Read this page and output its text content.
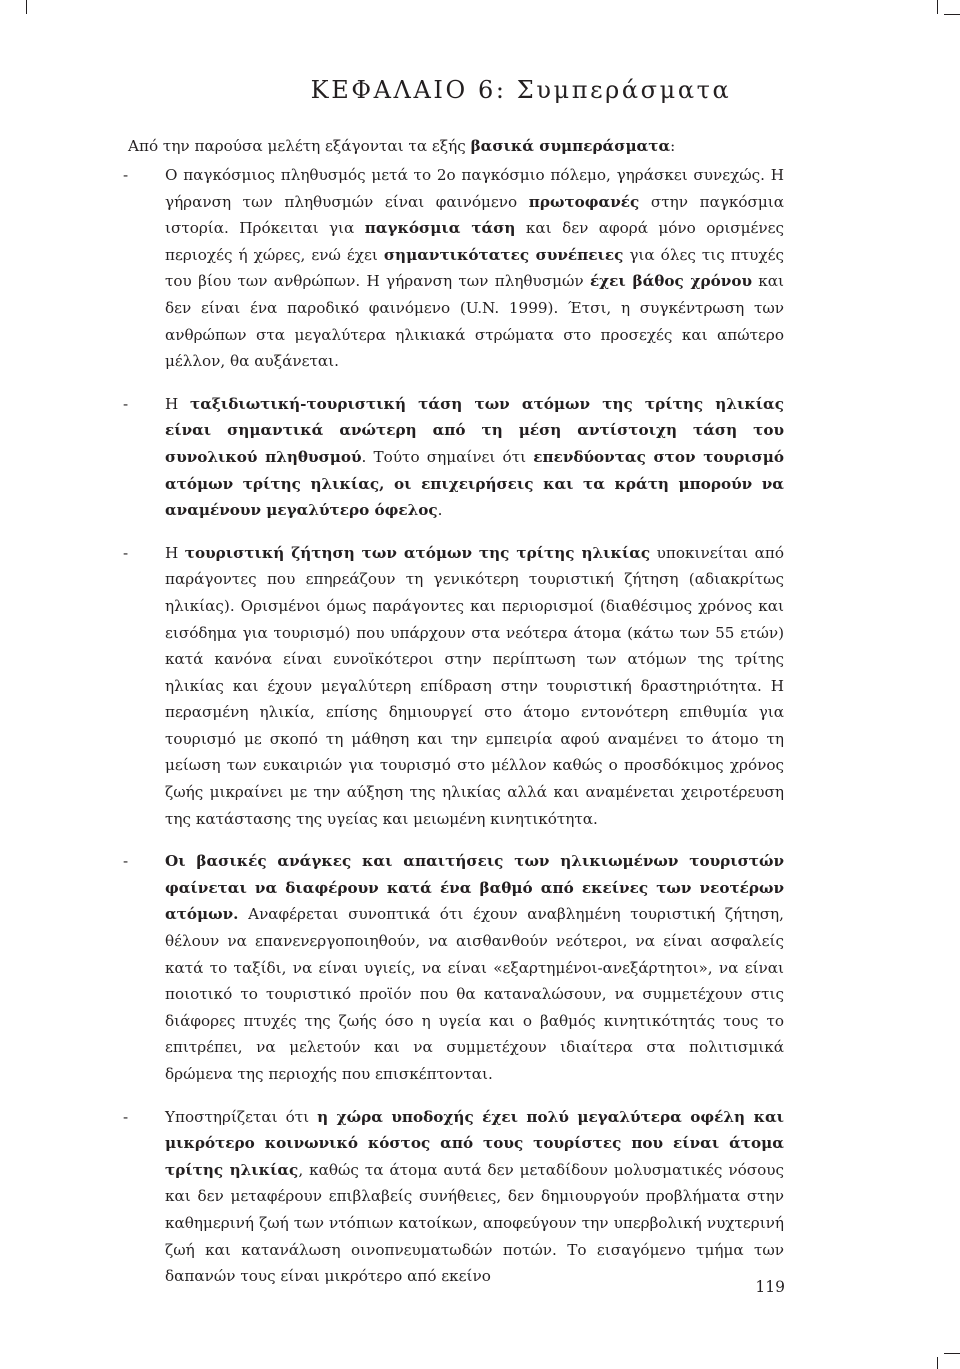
ΚΕΦΑΛΑΙΟ 6: Συμπεράσματα

Από την παρούσα μελέτη εξάγονται τα εξής βασικά συμπεράσματα:

- Ο παγκόσμιος πληθυσμός μετά το 2ο παγκόσμιο πόλεμο, γηράσκει συνεχώς. Η γήρανση των πληθυσμών είναι φαινόμενο πρωτοφανές στην παγκόσμια ιστορία. Πρόκειται για παγκόσμια τάση και δεν αφορά μόνο ορισμένες περιοχές ή χώρες, ενώ έχει σημαντικότατες συνέπειες για όλες τις πτυχές του βίου των ανθρώπων. Η γήρανση των πληθυσμών έχει βάθος χρόνου και δεν είναι ένα παροδικό φαινόμενο (U.N. 1999). Έτσι, η συγκέντρωση των ανθρώπων στα μεγαλύτερα ηλικιακά στρώματα στο προσεχές και απώτερο μέλλον, θα αυξάνεται.
- Η ταξιδιωτική-τουριστική τάση των ατόμων της τρίτης ηλικίας είναι σημαντικά ανώτερη από τη μέση αντίστοιχη τάση του συνολικού πληθυσμού. Τούτο σημαίνει ότι επενδύοντας στον τουρισμό ατόμων τρίτης ηλικίας, οι επιχειρήσεις και τα κράτη μπορούν να αναμένουν μεγαλύτερο όφελος.
- Η τουριστική ζήτηση των ατόμων της τρίτης ηλικίας υποκινείται από παράγοντες που επηρεάζουν τη γενικότερη τουριστική ζήτηση (αδιακρίτως ηλικίας). Ορισμένοι όμως παράγοντες και περιορισμοί (διαθέσιμος χρόνος και εισόδημα για τουρισμό) που υπάρχουν στα νεότερα άτομα (κάτω των 55 ετών) κατά κανόνα είναι ευνοϊκότεροι στην περίπτωση των ατόμων της τρίτης ηλικίας και έχουν μεγαλύτερη επίδραση στην τουριστική δραστηριότητα. Η περασμένη ηλικία, επίσης δημιουργεί στο άτομο εντονότερη επιθυμία για τουρισμό με σκοπό τη μάθηση και την εμπειρία αφού αναμένει το άτομο τη μείωση των ευκαιριών για τουρισμό στο μέλλον καθώς ο προσδόκιμος χρόνος ζωής μικραίνει με την αύξηση της ηλικίας αλλά και αναμένεται χειροτέρευση της κατάστασης της υγείας και μειωμένη κινητικότητα.
- Οι βασικές ανάγκες και απαιτήσεις των ηλικιωμένων τουριστών φαίνεται να διαφέρουν κατά ένα βαθμό από εκείνες των νεοτέρων ατόμων. Αναφέρεται συνοπτικά ότι έχουν αναβλημένη τουριστική ζήτηση, θέλουν να επανενεργοποιηθούν, να αισθανθούν νεότεροι, να είναι ασφαλείς κατά το ταξίδι, να είναι υγιείς, να είναι «εξαρτημένοι-ανεξάρτητοι», να είναι ποιοτικό το τουριστικό προϊόν που θα καταναλώσουν, να συμμετέχουν στις διάφορες πτυχές της ζωής όσο η υγεία και ο βαθμός κινητικότητάς τους το επιτρέπει, να μελετούν και να συμμετέχουν ιδιαίτερα στα πολιτισμικά δρώμενα της περιοχής που επισκέπτονται.
- Υποστηρίζεται ότι η χώρα υποδοχής έχει πολύ μεγαλύτερα οφέλη και μικρότερο κοινωνικό κόστος από τους τουρίστες που είναι άτομα τρίτης ηλικίας, καθώς τα άτομα αυτά δεν μεταδίδουν μολυσματικές νόσους και δεν μεταφέρουν επιβλαβείς συνήθειες, δεν δημιουργούν προβλήματα στην καθημερινή ζωή των ντόπιων κατοίκων, αποφεύγουν την υπερβολική νυχτερινή ζωή και κατανάλωση οινοπνευματωδών ποτών. Το εισαγόμενο τμήμα των δαπανών τους είναι μικρότερο από εκείνο
119
